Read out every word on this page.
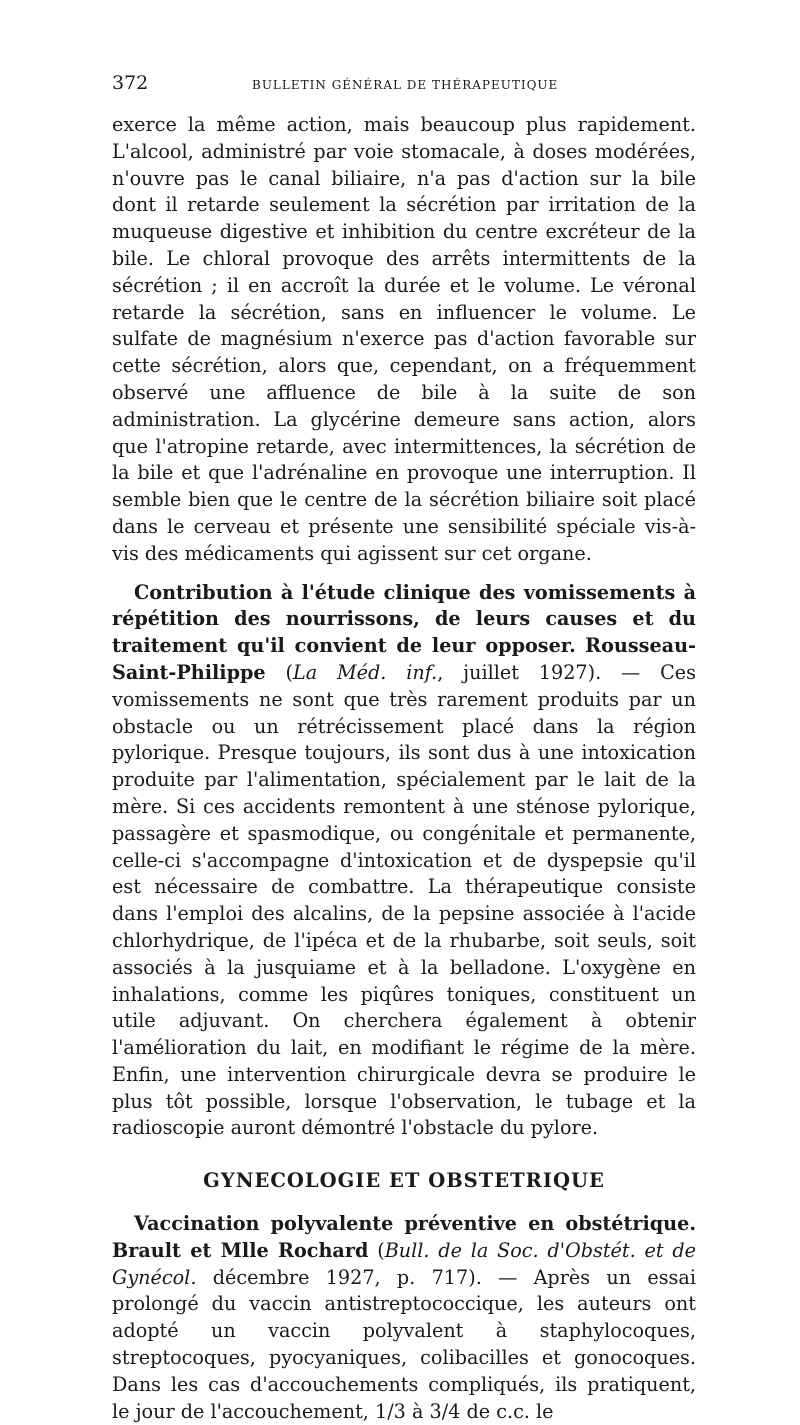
372	BULLETIN GÉNÉRAL DE THÉRAPEUTIQUE

exerce la même action, mais beaucoup plus rapidement. L'alcool, administré par voie stomacale, à doses modérées, n'ouvre pas le canal biliaire, n'a pas d'action sur la bile dont il retarde seulement la sécrétion par irritation de la muqueuse digestive et inhibition du centre excréteur de la bile. Le chloral provoque des arrêts intermittents de la sécrétion ; il en accroît la durée et le volume. Le véronal retarde la sécrétion, sans en influencer le volume. Le sulfate de magnésium n'exerce pas d'action favorable sur cette sécrétion, alors que, cependant, on a fréquemment observé une affluence de bile à la suite de son administration. La glycérine demeure sans action, alors que l'atropine retarde, avec intermittences, la sécrétion de la bile et que l'adrénaline en provoque une interruption. Il semble bien que le centre de la sécrétion biliaire soit placé dans le cerveau et présente une sensibilité spéciale vis-à-vis des médicaments qui agissent sur cet organe.

Contribution à l'étude clinique des vomissements à répétition des nourrissons, de leurs causes et du traitement qu'il convient de leur opposer. Rousseau-Saint-Philippe (La Méd. inf., juillet 1927). — Ces vomissements ne sont que très rarement produits par un obstacle ou un rétrécissement placé dans la région pylorique. Presque toujours, ils sont dus à une intoxication produite par l'alimentation, spécialement par le lait de la mère. Si ces accidents remontent à une sténose pylorique, passagère et spasmodique, ou congénitale et permanente, celle-ci s'accompagne d'intoxication et de dyspepsie qu'il est nécessaire de combattre. La thérapeutique consiste dans l'emploi des alcalins, de la pepsine associée à l'acide chlorhydrique, de l'ipéca et de la rhubarbe, soit seuls, soit associés à la jusquiame et à la belladone. L'oxygène en inhalations, comme les piqûres toniques, constituent un utile adjuvant. On cherchera également à obtenir l'amélioration du lait, en modifiant le régime de la mère. Enfin, une intervention chirurgicale devra se produire le plus tôt possible, lorsque l'observation, le tubage et la radioscopie auront démontré l'obstacle du pylore.

GYNECOLOGIE ET OBSTETRIQUE

Vaccination polyvalente préventive en obstétrique. Brault et Mlle Rochard (Bull. de la Soc. d'Obstét. et de Gynécol. décembre 1927, p. 717). — Après un essai prolongé du vaccin antistreptococcique, les auteurs ont adopté un vaccin polyvalent à staphylocoques, streptocoques, pyocyaniques, colibacilles et gonocoques. Dans les cas d'accouchements compliqués, ils pratiquent, le jour de l'accouchement, 1/3 à 3/4 de c.c. le
